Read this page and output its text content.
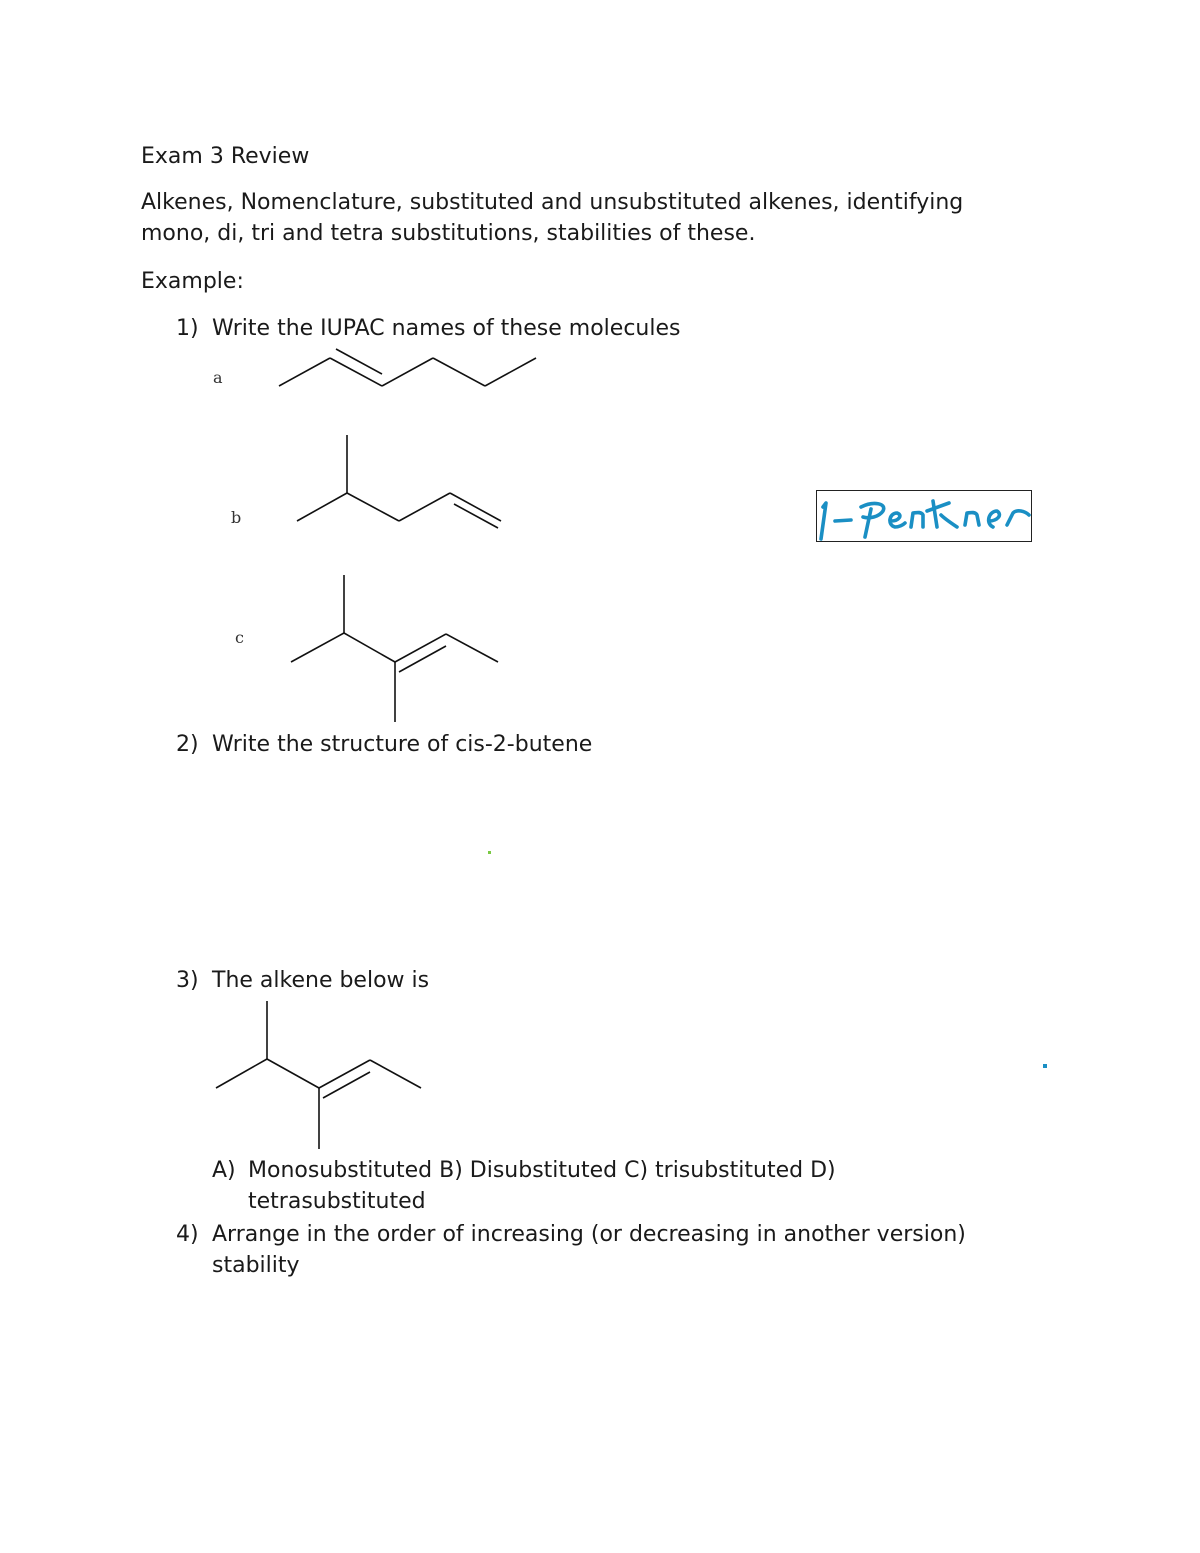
Exam 3 Review
Alkenes, Nomenclature, substituted and unsubstituted alkenes, identifying
mono, di, tri and tetra substitutions, stabilities of these.
Example:
1) Write the IUPAC names of these molecules
a
b
c
2) Write the structure of cis-2-butene
3) The alkene below is
A) Monosubstituted B) Disubstituted C) trisubstituted D)
tetrasubstituted
4) Arrange in the order of increasing (or decreasing in another version)
stability
